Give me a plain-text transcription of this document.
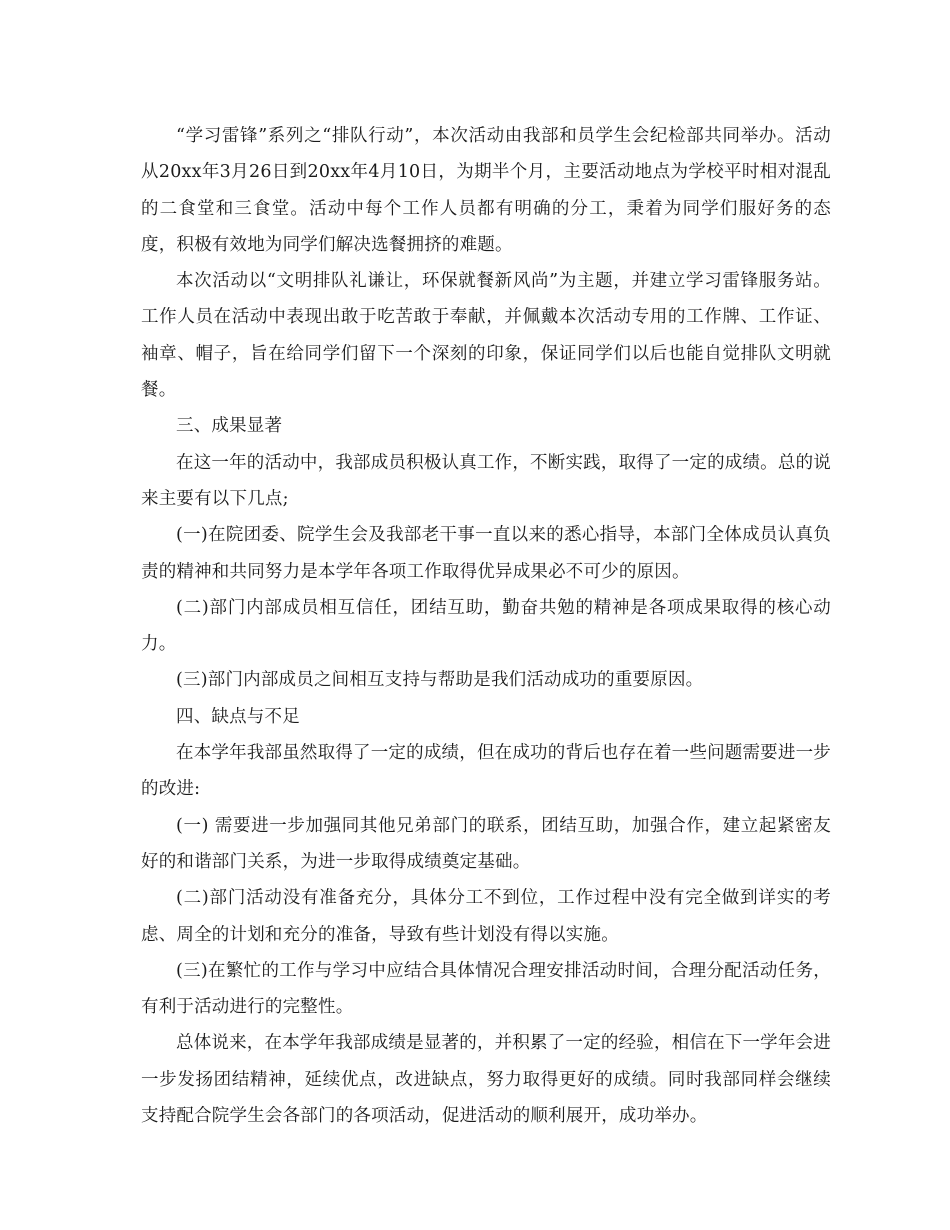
“学习雷锋”系列之“排队行动”，本次活动由我部和员学生会纪检部共同举办。活动从20xx年3月26日到20xx年4月10日，为期半个月，主要活动地点为学校平时相对混乱的二食堂和三食堂。活动中每个工作人员都有明确的分工，秉着为同学们服好务的态度，积极有效地为同学们解决选餐拥挤的难题。

本次活动以“文明排队礼谦让，环保就餐新风尚”为主题，并建立学习雷锋服务站。工作人员在活动中表现出敢于吃苦敢于奉献，并佩戴本次活动专用的工作牌、工作证、袖章、帽子，旨在给同学们留下一个深刻的印象，保证同学们以后也能自觉排队文明就餐。

三、成果显著

在这一年的活动中，我部成员积极认真工作，不断实践，取得了一定的成绩。总的说来主要有以下几点;

(一)在院团委、院学生会及我部老干事一直以来的悉心指导，本部门全体成员认真负责的精神和共同努力是本学年各项工作取得优异成果必不可少的原因。

(二)部门内部成员相互信任，团结互助，勤奋共勉的精神是各项成果取得的核心动力。

(三)部门内部成员之间相互支持与帮助是我们活动成功的重要原因。

四、缺点与不足

在本学年我部虽然取得了一定的成绩，但在成功的背后也存在着一些问题需要进一步的改进:

(一) 需要进一步加强同其他兄弟部门的联系，团结互助，加强合作，建立起紧密友好的和谐部门关系，为进一步取得成绩奠定基础。

(二)部门活动没有准备充分，具体分工不到位，工作过程中没有完全做到详实的考虑、周全的计划和充分的准备，导致有些计划没有得以实施。

(三)在繁忙的工作与学习中应结合具体情况合理安排活动时间，合理分配活动任务，有利于活动进行的完整性。

总体说来，在本学年我部成绩是显著的，并积累了一定的经验，相信在下一学年会进一步发扬团结精神，延续优点，改进缺点，努力取得更好的成绩。同时我部同样会继续支持配合院学生会各部门的各项活动，促进活动的顺利展开，成功举办。
